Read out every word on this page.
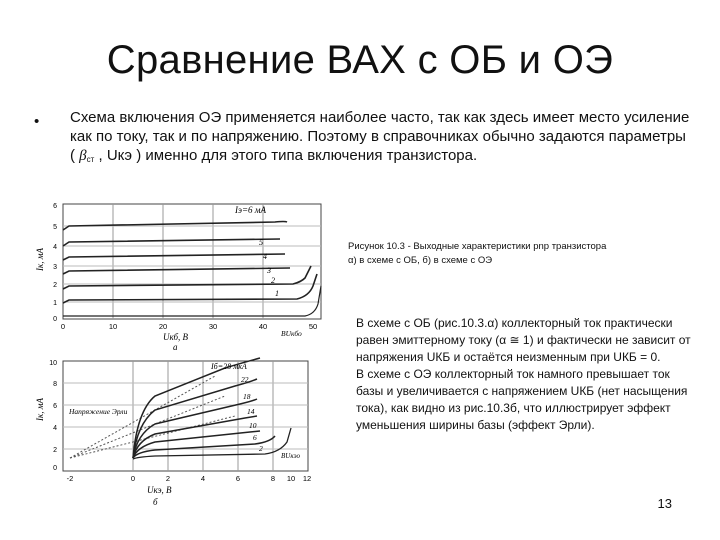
Сравнение ВАХ с ОБ и ОЭ
• Схема включения ОЭ применяется наиболее часто, так как здесь имеет место усиление как по току, так и по напряжению. Поэтому в справочниках обычно задаются параметры ( βст , Uкэ ) именно для этого типа включения транзистора.
Iк, мА
Iэ=6 мА
5
4
3
2
1
6
5
4
3
2
1
0
0	10	20	30	40	50
BUкбо
Uкб, В
а
Iк, мА
Iб=28 мкА
22
18
14
10
6
2
Напряжение Эрли
10
8
6
4
2
0
-2	0	2	4	6	8 10 12
BUкэо
Uкэ, В
б
Рисунок 10.3 - Выходные характеристики pnp транзистора
α) в схеме с ОБ, б) в схеме с ОЭ

В схеме с ОБ (рис.10.3.α) коллекторный ток практически равен эмиттерному току (α ≅ 1) и фактически не зависит от напряжения UКБ и остаётся неизменным при UКБ = 0.

В схеме с ОЭ коллекторный ток намного превышает ток базы и увеличивается с напряжением UКБ (нет насыщения тока), как видно из рис.10.3б, что иллюстрирует эффект уменьшения ширины базы (эффект Эрли).

13
